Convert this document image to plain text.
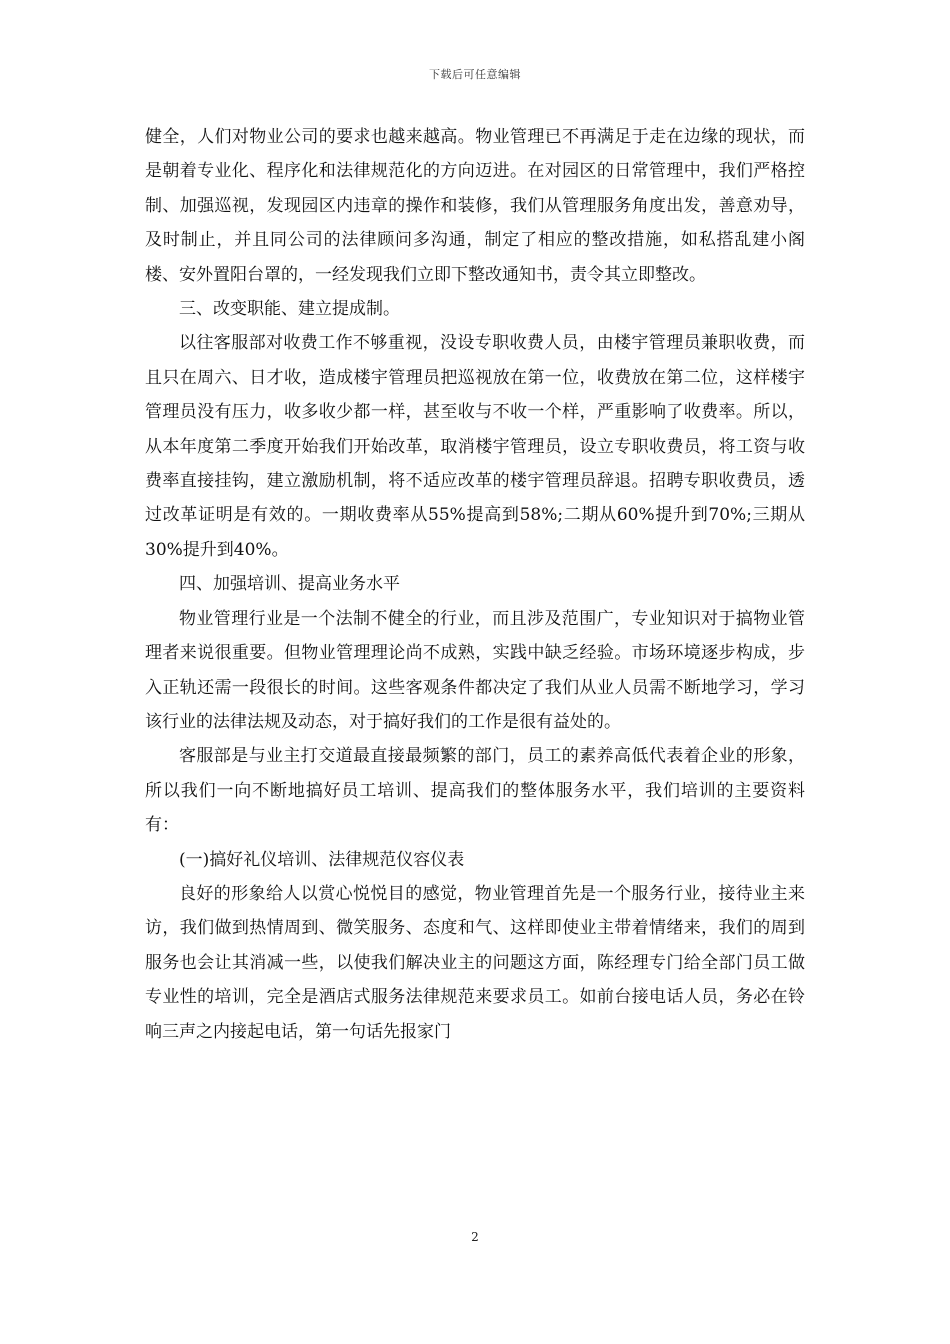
下载后可任意编辑

健全，人们对物业公司的要求也越来越高。物业管理已不再满足于走在边缘的现状，而是朝着专业化、程序化和法律规范化的方向迈进。在对园区的日常管理中，我们严格控制、加强巡视，发现园区内违章的操作和装修，我们从管理服务角度出发，善意劝导，及时制止，并且同公司的法律顾问多沟通，制定了相应的整改措施，如私搭乱建小阁楼、安外置阳台罩的，一经发现我们立即下整改通知书，责令其立即整改。

三、改变职能、建立提成制。

以往客服部对收费工作不够重视，没设专职收费人员，由楼宇管理员兼职收费，而且只在周六、日才收，造成楼宇管理员把巡视放在第一位，收费放在第二位，这样楼宇管理员没有压力，收多收少都一样，甚至收与不收一个样，严重影响了收费率。所以，从本年度第二季度开始我们开始改革，取消楼宇管理员，设立专职收费员，将工资与收费率直接挂钩，建立激励机制，将不适应改革的楼宇管理员辞退。招聘专职收费员，透过改革证明是有效的。一期收费率从55%提高到58%;二期从60%提升到70%;三期从30%提升到40%。

四、加强培训、提高业务水平

物业管理行业是一个法制不健全的行业，而且涉及范围广，专业知识对于搞物业管理者来说很重要。但物业管理理论尚不成熟，实践中缺乏经验。市场环境逐步构成，步入正轨还需一段很长的时间。这些客观条件都决定了我们从业人员需不断地学习，学习该行业的法律法规及动态，对于搞好我们的工作是很有益处的。

客服部是与业主打交道最直接最频繁的部门，员工的素养高低代表着企业的形象，所以我们一向不断地搞好员工培训、提高我们的整体服务水平，我们培训的主要资料有：

(一)搞好礼仪培训、法律规范仪容仪表

良好的形象给人以赏心悦悦目的感觉，物业管理首先是一个服务行业，接待业主来访，我们做到热情周到、微笑服务、态度和气、这样即使业主带着情绪来，我们的周到服务也会让其消减一些，以使我们解决业主的问题这方面，陈经理专门给全部门员工做专业性的培训，完全是酒店式服务法律规范来要求员工。如前台接电话人员，务必在铃响三声之内接起电话，第一句话先报家门

2
